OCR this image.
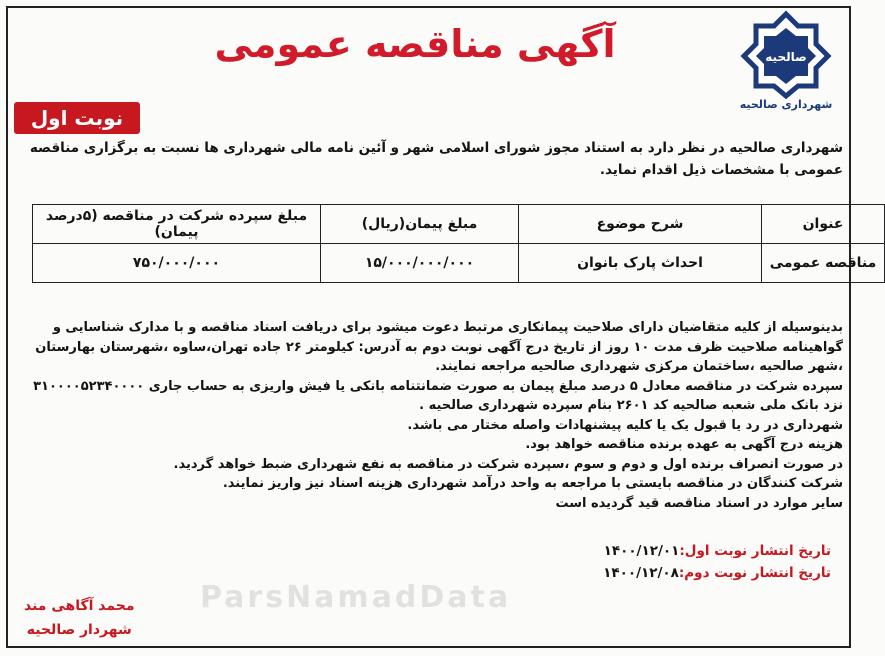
صالحیه
شهرداری صالحیه
آگهی مناقصه عمومی
نوبت اول
شهرداری صالحیه در نظر دارد به استناد مجوز شورای اسلامی شهر و آئین نامه مالی شهرداری ها نسبت به برگزاری مناقصه عمومی با مشخصات ذیل اقدام نماید.
عنوان	شرح موضوع	مبلغ پیمان(ریال)	مبلغ سپرده شرکت در مناقصه (۵درصد پیمان)
مناقصه عمومی	احداث پارک بانوان	۱۵/۰۰۰/۰۰۰/۰۰۰	۷۵۰/۰۰۰/۰۰۰

بدینوسیله از کلیه متقاضیان دارای صلاحیت پیمانکاری مرتبط دعوت میشود برای دریافت اسناد مناقصه و با مدارک شناسایی و گواهینامه صلاحیت ظرف مدت ۱۰ روز از تاریخ درج آگهی نوبت دوم به آدرس: کیلومتر ۲۶ جاده تهران،ساوه ،شهرستان بهارستان ،شهر صالحیه ،ساختمان مرکزی شهرداری صالحیه مراجعه نمایند.

سپرده شرکت در مناقصه معادل ۵ درصد مبلغ پیمان به صورت ضمانتنامه بانکی یا فیش واریزی به حساب جاری ۳۱۰۰۰۰۵۲۳۴۰۰۰۰ نزد بانک ملی شعبه صالحیه کد ۲۶۰۱ بنام سپرده شهرداری صالحیه .

شهرداری در رد یا قبول یک یا کلیه پیشنهادات واصله مختار می باشد.

هزینه درج آگهی به عهده برنده مناقصه خواهد بود.

در صورت انصراف برنده اول و دوم و سوم ،سپرده شرکت در مناقصه به نفع شهرداری ضبط خواهد گردید.

شرکت کنندگان در مناقصه بایستی با مراجعه به واحد درآمد شهرداری هزینه اسناد نیز واریز نمایند.

سایر موارد در اسناد مناقصه قید گردیده است

تاریخ انتشار نوبت اول:۱۴۰۰/۱۲/۰۱
تاریخ انتشار نوبت دوم:۱۴۰۰/۱۲/۰۸
ParsNamadData
محمد آگاهی مند
شهردار صالحیه
